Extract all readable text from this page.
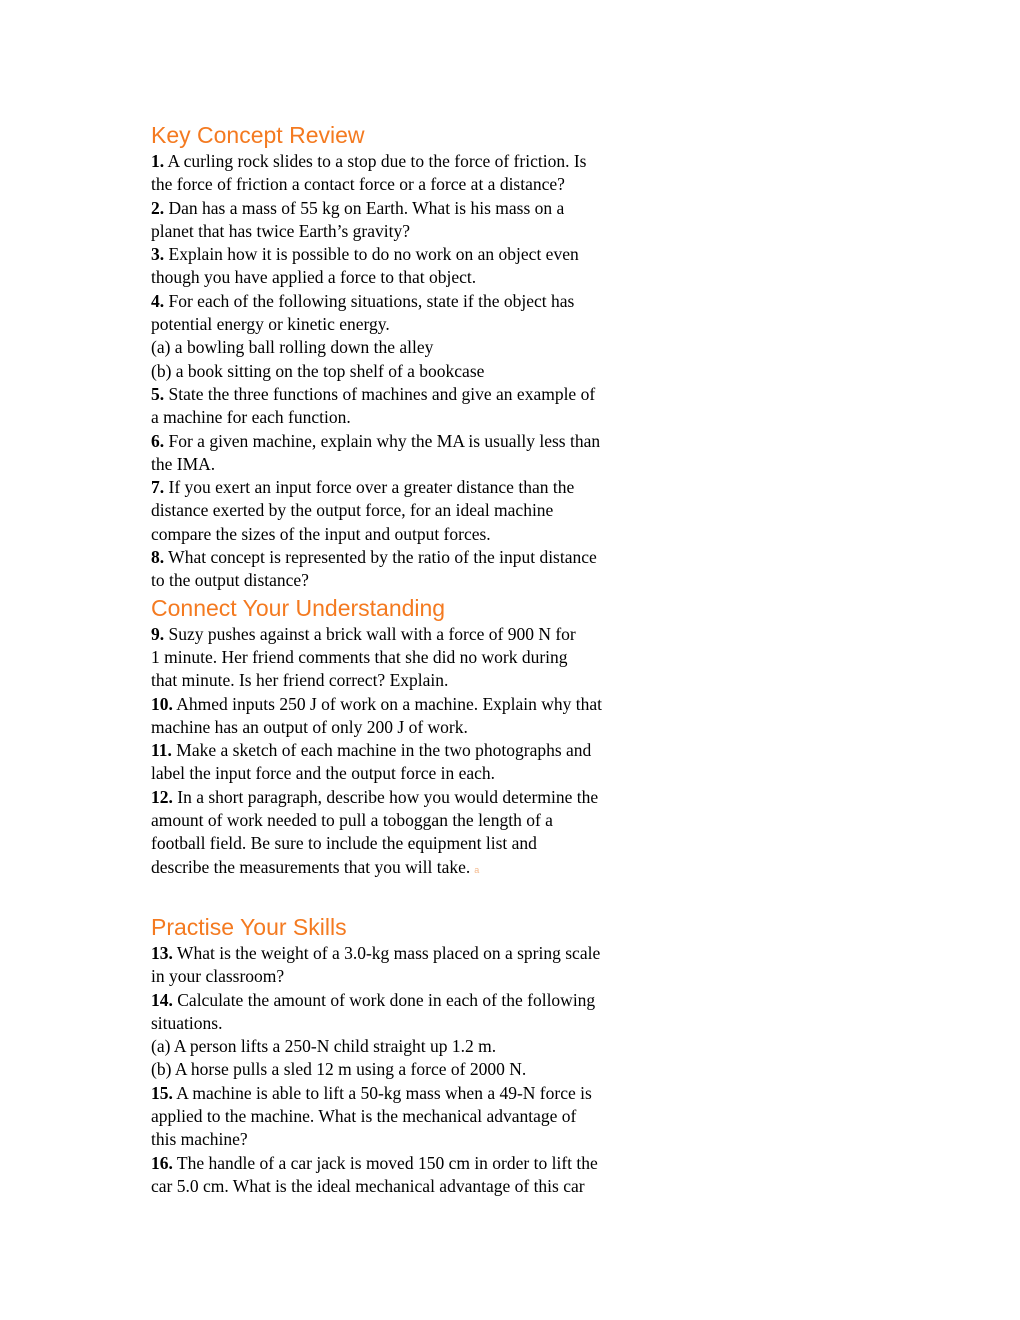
Key Concept Review

1. A curling rock slides to a stop due to the force of friction. Is

the force of friction a contact force or a force at a distance?

2. Dan has a mass of 55 kg on Earth. What is his mass on a

planet that has twice Earth’s gravity?

3. Explain how it is possible to do no work on an object even

though you have applied a force to that object.

4. For each of the following situations, state if the object has

potential energy or kinetic energy.

(a) a bowling ball rolling down the alley

(b) a book sitting on the top shelf of a bookcase

5. State the three functions of machines and give an example of

a machine for each function.

6. For a given machine, explain why the MA is usually less than

the IMA.

7. If you exert an input force over a greater distance than the

distance exerted by the output force, for an ideal machine

compare the sizes of the input and output forces.

8. What concept is represented by the ratio of the input distance

to the output distance?

Connect Your Understanding

9. Suzy pushes against a brick wall with a force of 900 N for

1 minute. Her friend comments that she did no work during

that minute. Is her friend correct? Explain.

10. Ahmed inputs 250 J of work on a machine. Explain why that

machine has an output of only 200 J of work.

11. Make a sketch of each machine in the two photographs and

label the input force and the output force in each.

12. In a short paragraph, describe how you would determine the

amount of work needed to pull a toboggan the length of a

football field. Be sure to include the equipment list and

describe the measurements that you will take. a

Practise Your Skills

13. What is the weight of a 3.0-kg mass placed on a spring scale

in your classroom?

14. Calculate the amount of work done in each of the following

situations.

(a) A person lifts a 250-N child straight up 1.2 m.

(b) A horse pulls a sled 12 m using a force of 2000 N.

15. A machine is able to lift a 50-kg mass when a 49-N force is

applied to the machine. What is the mechanical advantage of

this machine?

16. The handle of a car jack is moved 150 cm in order to lift the

car 5.0 cm. What is the ideal mechanical advantage of this car
